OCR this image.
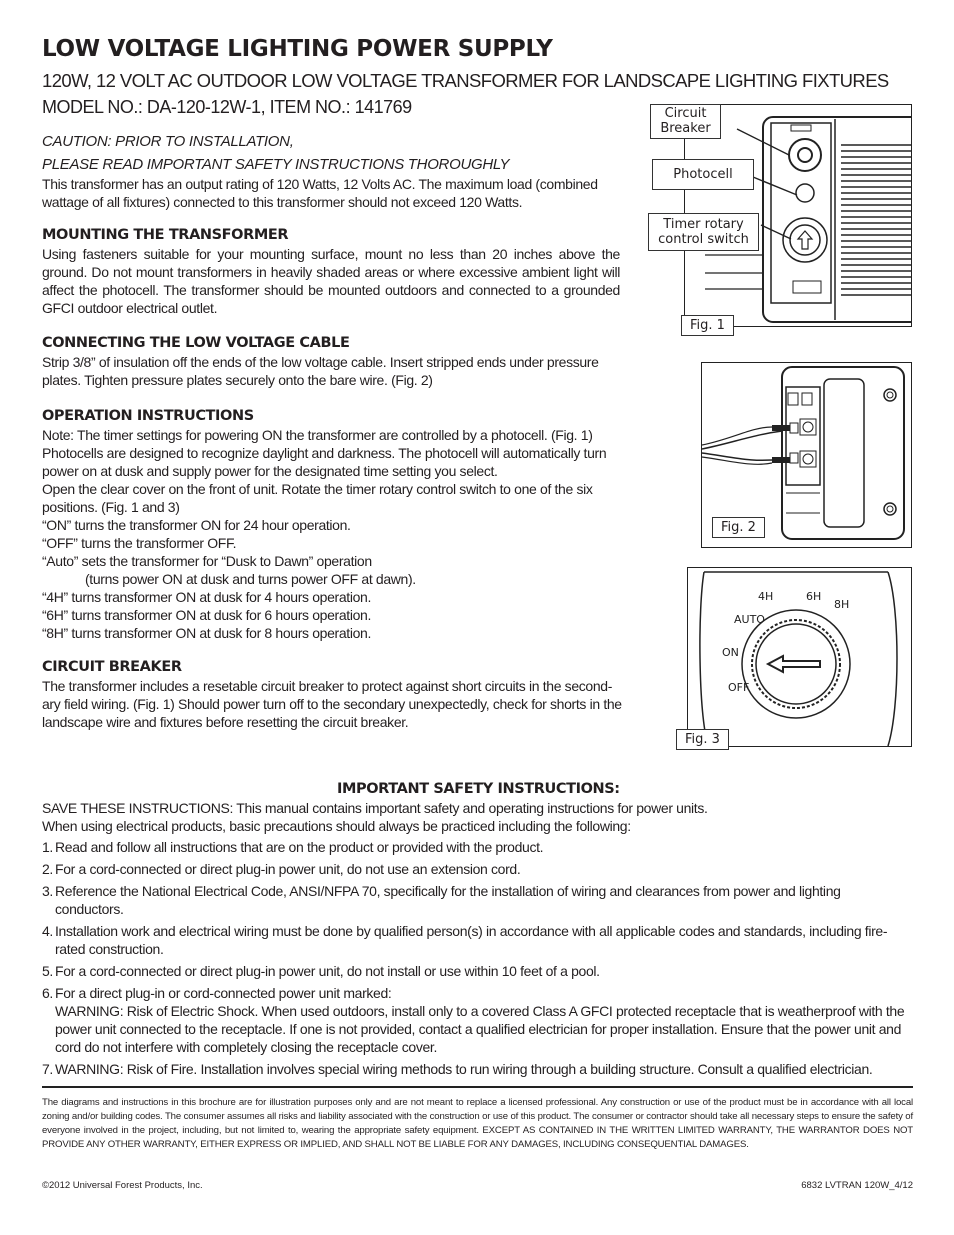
LOW VOLTAGE LIGHTING POWER SUPPLY
120W, 12 VOLT AC OUTDOOR LOW VOLTAGE TRANSFORMER FOR LANDSCAPE LIGHTING FIXTURES
MODEL NO.: DA-120-12W-1, ITEM NO.: 141769
CAUTION: PRIOR TO INSTALLATION,
PLEASE READ IMPORTANT SAFETY INSTRUCTIONS THOROUGHLY
This transformer has an output rating of 120 Watts, 12 Volts AC. The maximum load (combined wattage of all fixtures) connected to this transformer should not exceed 120 Watts.
MOUNTING THE TRANSFORMER
Using fasteners suitable for your mounting surface, mount no less than 20 inches above the ground. Do not mount transformers in heavily shaded areas or where excessive ambient light will affect the photocell. The transformer should be mounted outdoors and connected to a grounded GFCI outdoor electrical outlet.
CONNECTING THE LOW VOLTAGE CABLE
Strip 3/8” of insulation off the ends of the low voltage cable. Insert stripped ends under pressure plates. Tighten pressure plates securely onto the bare wire. (Fig. 2)
OPERATION INSTRUCTIONS
Note: The timer settings for powering ON the transformer are controlled by a photocell. (Fig. 1) Photocells are designed to recognize daylight and darkness. The photocell will automatically turn power on at dusk and supply power for the designated time setting you select.
Open the clear cover on the front of unit. Rotate the timer rotary control switch to one of the six positions. (Fig. 1 and 3)
“ON” turns the transformer ON for 24 hour operation.
“OFF” turns the transformer OFF.
“Auto” sets the transformer for “Dusk to Dawn” operation
(turns power ON at dusk and turns power OFF at dawn).
“4H” turns transformer ON at dusk for 4 hours operation.
“6H” turns transformer ON at dusk for 6 hours operation.
“8H” turns transformer ON at dusk for 8 hours operation.
CIRCUIT BREAKER
The transformer includes a resetable circuit breaker to protect against short circuits in the second-ary field wiring. (Fig. 1) Should power turn off to the secondary unexpectedly, check for shorts in the landscape wire and fixtures before resetting the circuit breaker.
Circuit
Breaker
Photocell
Timer rotary
control switch
Fig. 1
Fig. 2
4H	6H
8H
AUTO
ON
OFF
Fig. 3
IMPORTANT SAFETY INSTRUCTIONS:
SAVE THESE INSTRUCTIONS: This manual contains important safety and operating instructions for power units.
When using electrical products, basic precautions should always be practiced including the following:
1. Read and follow all instructions that are on the product or provided with the product.
2. For a cord-connected or direct plug-in power unit, do not use an extension cord.
3. Reference the National Electrical Code, ANSI/NFPA 70, specifically for the installation of wiring and clearances from power and lighting conductors.
4. Installation work and electrical wiring must be done by qualified person(s) in accordance with all applicable codes and standards, including fire-rated construction.
5. For a cord-connected or direct plug-in power unit, do not install or use within 10 feet of a pool.
6. For a direct plug-in or cord-connected power unit marked:
WARNING: Risk of Electric Shock. When used outdoors, install only to a covered Class A GFCI protected receptacle that is weatherproof with the power unit connected to the receptacle. If one is not provided, contact a qualified electrician for proper installation. Ensure that the power unit and cord do not interfere with completely closing the receptacle cover.
7. WARNING: Risk of Fire. Installation involves special wiring methods to run wiring through a building structure. Consult a qualified electrician.
The diagrams and instructions in this brochure are for illustration purposes only and are not meant to replace a licensed professional. Any construction or use of the product must be in accordance with all local zoning and/or building codes. The consumer assumes all risks and liability associated with the construction or use of this product. The consumer or contractor should take all necessary steps to ensure the safety of everyone involved in the project, including, but not limited to, wearing the appropriate safety equipment. EXCEPT AS CONTAINED IN THE WRITTEN LIMITED WARRANTY, THE WARRANTOR DOES NOT PROVIDE ANY OTHER WARRANTY, EITHER EXPRESS OR IMPLIED, AND SHALL NOT BE LIABLE FOR ANY DAMAGES, INCLUDING CONSEQUENTIAL DAMAGES.
©2012 Universal Forest Products, Inc.	6832 LVTRAN 120W_4/12
